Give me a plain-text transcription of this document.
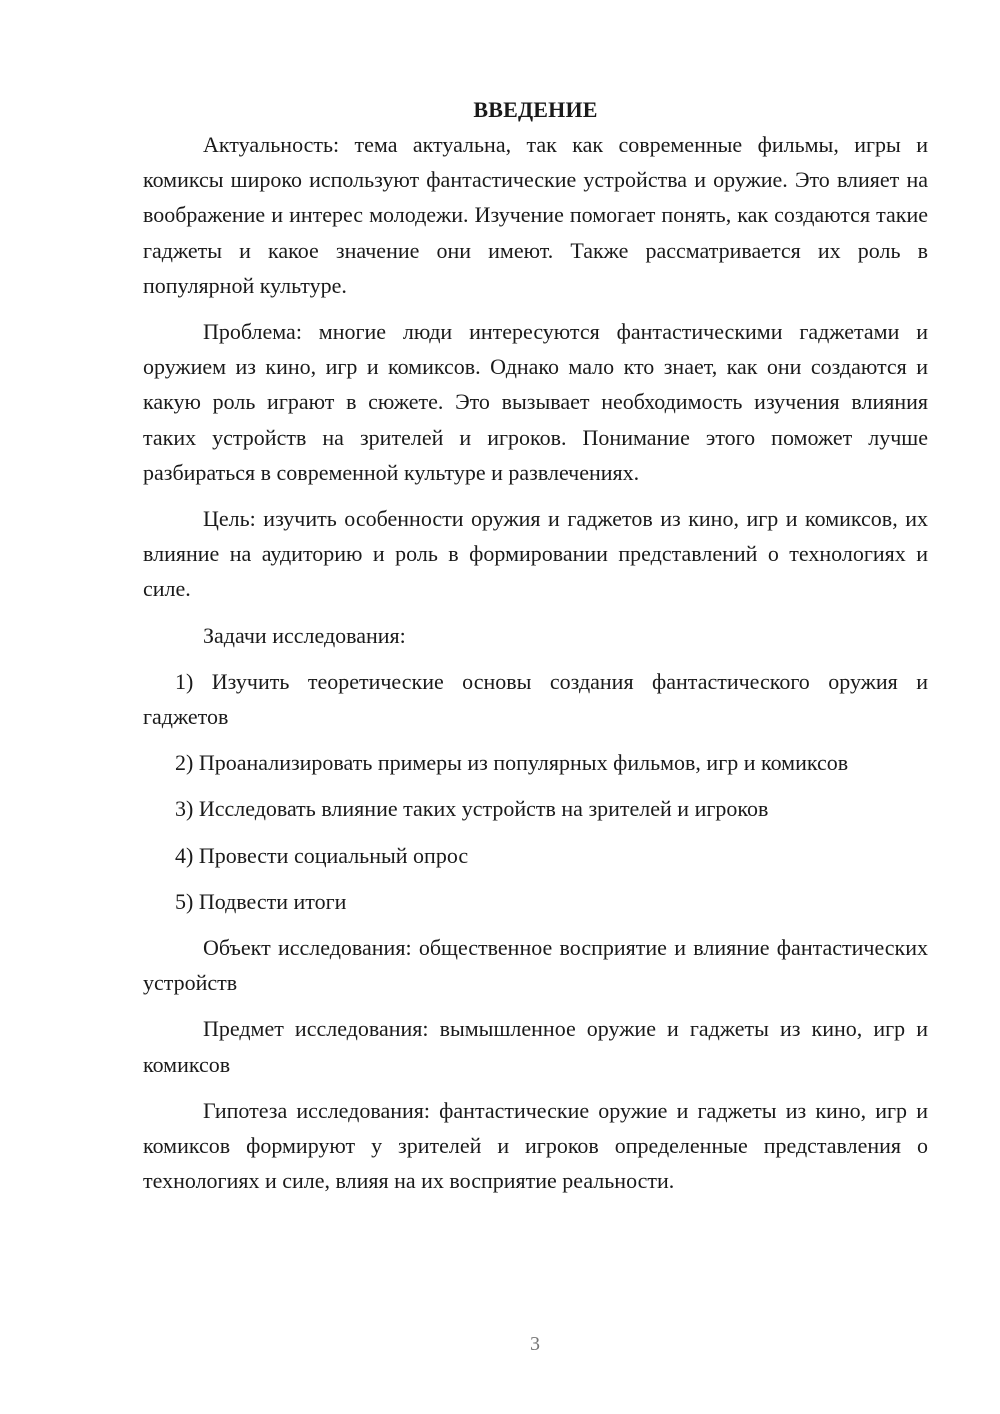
ВВЕДЕНИЕ

Актуальность: тема актуальна, так как современные фильмы, игры и комиксы широко используют фантастические устройства и оружие. Это влияет на воображение и интерес молодежи. Изучение помогает понять, как создаются такие гаджеты и какое значение они имеют. Также рассматривается их роль в популярной культуре.

Проблема: многие люди интересуются фантастическими гаджетами и оружием из кино, игр и комиксов. Однако мало кто знает, как они создаются и какую роль играют в сюжете. Это вызывает необходимость изучения влияния таких устройств на зрителей и игроков. Понимание этого поможет лучше разбираться в современной культуре и развлечениях.

Цель: изучить особенности оружия и гаджетов из кино, игр и комиксов, их влияние на аудиторию и роль в формировании представлений о технологиях и силе.

Задачи исследования:

1) Изучить теоретические основы создания фантастического оружия и гаджетов

2) Проанализировать примеры из популярных фильмов, игр и комиксов

3) Исследовать влияние таких устройств на зрителей и игроков

4) Провести социальный опрос

5) Подвести итоги

Объект исследования: общественное восприятие и влияние фантастических устройств

Предмет исследования: вымышленное оружие и гаджеты из кино, игр и комиксов

Гипотеза исследования: фантастические оружие и гаджеты из кино, игр и комиксов формируют у зрителей и игроков определенные представления о технологиях и силе, влияя на их восприятие реальности.

3
